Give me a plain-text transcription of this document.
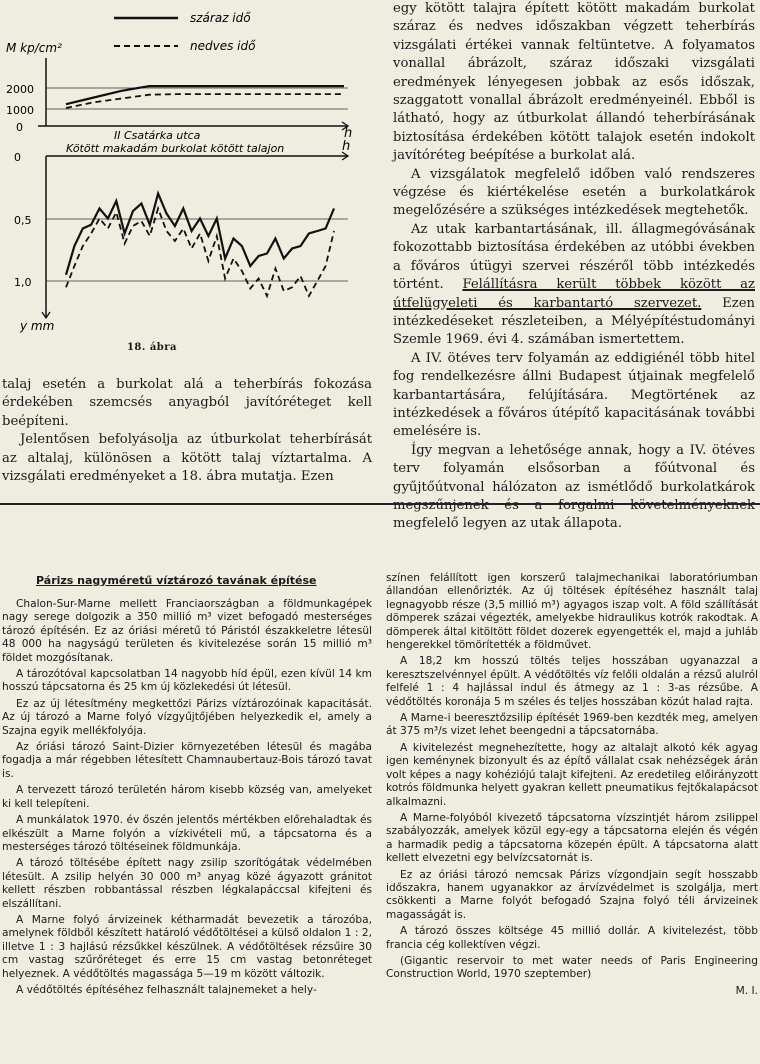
száraz idő
nedves idő
M kp/cm²
h
2000
1000
0
II Csatárka utca
Kötött makadám burkolat kötött talajon	h
0
0,5
1,0
y mm
18. ábra

talaj esetén a burkolat alá a teherbírás fokozása érdekében szemcsés anyagból javítóréteget kell beépíteni.

Jelentősen befolyásolja az útburkolat teherbírását az altalaj, különösen a kötött talaj víztartalma. A vizsgálati eredményeket a 18. ábra mutatja. Ezen

egy kötött talajra épített kötött makadám burkolat száraz és nedves időszakban végzett teherbírás vizsgálati értékei vannak feltüntetve. A folyamatos vonallal ábrázolt, száraz időszaki vizsgálati eredmények lényegesen jobbak az esős időszak, szaggatott vonallal ábrázolt eredményeinél. Ebből is látható, hogy az útburkolat állandó teherbírásának biztosítása érdekében kötött talajok esetén indokolt javítóréteg beépítése a burkolat alá.

A vizsgálatok megfelelő időben való rendszeres végzése és kiértékelése esetén a burkolatkárok megelőzésére a szükséges intézkedések megtehetők.

Az utak karbantartásának, ill. állagmegóvásának fokozottabb biztosítása érdekében az utóbbi években a főváros útügyi szervei részéről több intézkedés történt. Felállításra került többek között az útfelügyeleti és karbantartó szervezet. Ezen intézkedéseket részleteiben, a Mélyépítéstudományi Szemle 1969. évi 4. számában ismertettem.

A IV. ötéves terv folyamán az eddigiénél több hitel fog rendelkezésre állni Budapest útjainak megfelelő karbantartására, felújítására. Megtörtének az intézkedések a főváros útépítő kapacitásának további emelésére is.

Így megvan a lehetősége annak, hogy a IV. ötéves terv folyamán elsősorban a főútvonal és gyűjtőútvonal hálózaton az ismétlődő burkolatkárok megszűnjenek és a forgalmi követelményeknek megfelelő legyen az utak állapota.

Párizs nagyméretű víztározó tavának építése

Chalon-Sur-Marne mellett Franciaországban a földmunkagépek nagy serege dolgozik a 350 millió m³ vizet befogadó mesterséges tározó építésén. Ez az óriási méretű tó Páristól északkeletre létesül 48 000 ha nagyságú területen és kivitelezése során 15 millió m³ földet mozgósítanak.

A tározótóval kapcsolatban 14 nagyobb híd épül, ezen kívül 14 km hosszú tápcsatorna és 25 km új közlekedési út létesül.

Ez az új létesítmény megkettőzi Párizs víztározóinak kapacitását. Az új tározó a Marne folyó vízgyűjtőjében helyezkedik el, amely a Szajna egyik mellékfolyója.

Az óriási tározó Saint-Dizier környezetében létesül és magába fogadja a már régebben létesített Chamnaubertauz-Bois tározó tavat is.

A tervezett tározó területén három kisebb község van, amelyeket ki kell telepíteni.

A munkálatok 1970. év őszén jelentős mértékben előrehaladtak és elkészült a Marne folyón a vízkivételi mű, a tápcsatorna és a mesterséges tározó töltéseinek földmunkája.

A tározó töltésébe épített nagy zsilip szorítógátak védelmében létesült. A zsilip helyén 30 000 m³ anyag közé ágyazott gránitot kellett részben robbantással részben légkalapáccsal kifejteni és elszállítani.

A Marne folyó árvizeinek kétharmadát bevezetik a tározóba, amelynek földből készített határoló védőtöltései a külső oldalon 1 : 2, illetve 1 : 3 hajlású rézsűkkel készülnek. A védőtöltések rézsűire 30 cm vastag szűrőréteget és erre 15 cm vastag betonréteget helyeznek. A védőtöltés magassága 5—19 m között változik.

A védőtöltés építéséhez felhasznált talajnemeket a hely-

színen felállított igen korszerű talajmechanikai laboratóriumban állandóan ellenőrizték. Az új töltések építéséhez használt talaj legnagyobb része (3,5 millió m³) agyagos iszap volt. A föld szállítását dömperek százai végezték, amelyekbe hidraulikus kotrók rakodtak. A dömperek által kitöltött földet dozerek egyengették el, majd a juhláb hengerekkel tömörítették a földművet.

A 18,2 km hosszú töltés teljes hosszában ugyanazzal a keresztszelvénnyel épült. A védőtöltés víz felőli oldalán a rézsű alulról felfelé 1 : 4 hajlással indul és átmegy az 1 : 3-as rézsűbe. A védőtöltés koronája 5 m széles és teljes hosszában közút halad rajta.

A Marne-i beeresztőzsilip építését 1969-ben kezdték meg, amelyen át 375 m³/s vizet lehet beengedni a tápcsatornába.

A kivitelezést megnehezítette, hogy az altalajt alkotó kék agyag igen keménynek bizonyult és az építő vállalat csak nehézségek árán volt képes a nagy kohéziójú talajt kifejteni. Az eredetileg előirányzott kotrós földmunka helyett gyakran kellett pneumatikus fejtőkalapácsot alkalmazni.

A Marne-folyóból kivezető tápcsatorna vízszintjét három zsilippel szabályozzák, amelyek közül egy-egy a tápcsatorna elején és végén a harmadik pedig a tápcsatorna közepén épült. A tápcsatorna alatt kellett elvezetni egy belvízcsatornát is.

Ez az óriási tározó nemcsak Párizs vízgondjain segít hosszabb időszakra, hanem ugyanakkor az árvízvédelmet is szolgálja, mert csökkenti a Marne folyót befogadó Szajna folyó téli árvizeinek magasságát is.

A tározó összes költsége 45 millió dollár. A kivitelezést, több francia cég kollektíven végzi.

(Gigantic reservoir to met water needs of Paris Engineering Construction World, 1970 szeptember)

M. I.
